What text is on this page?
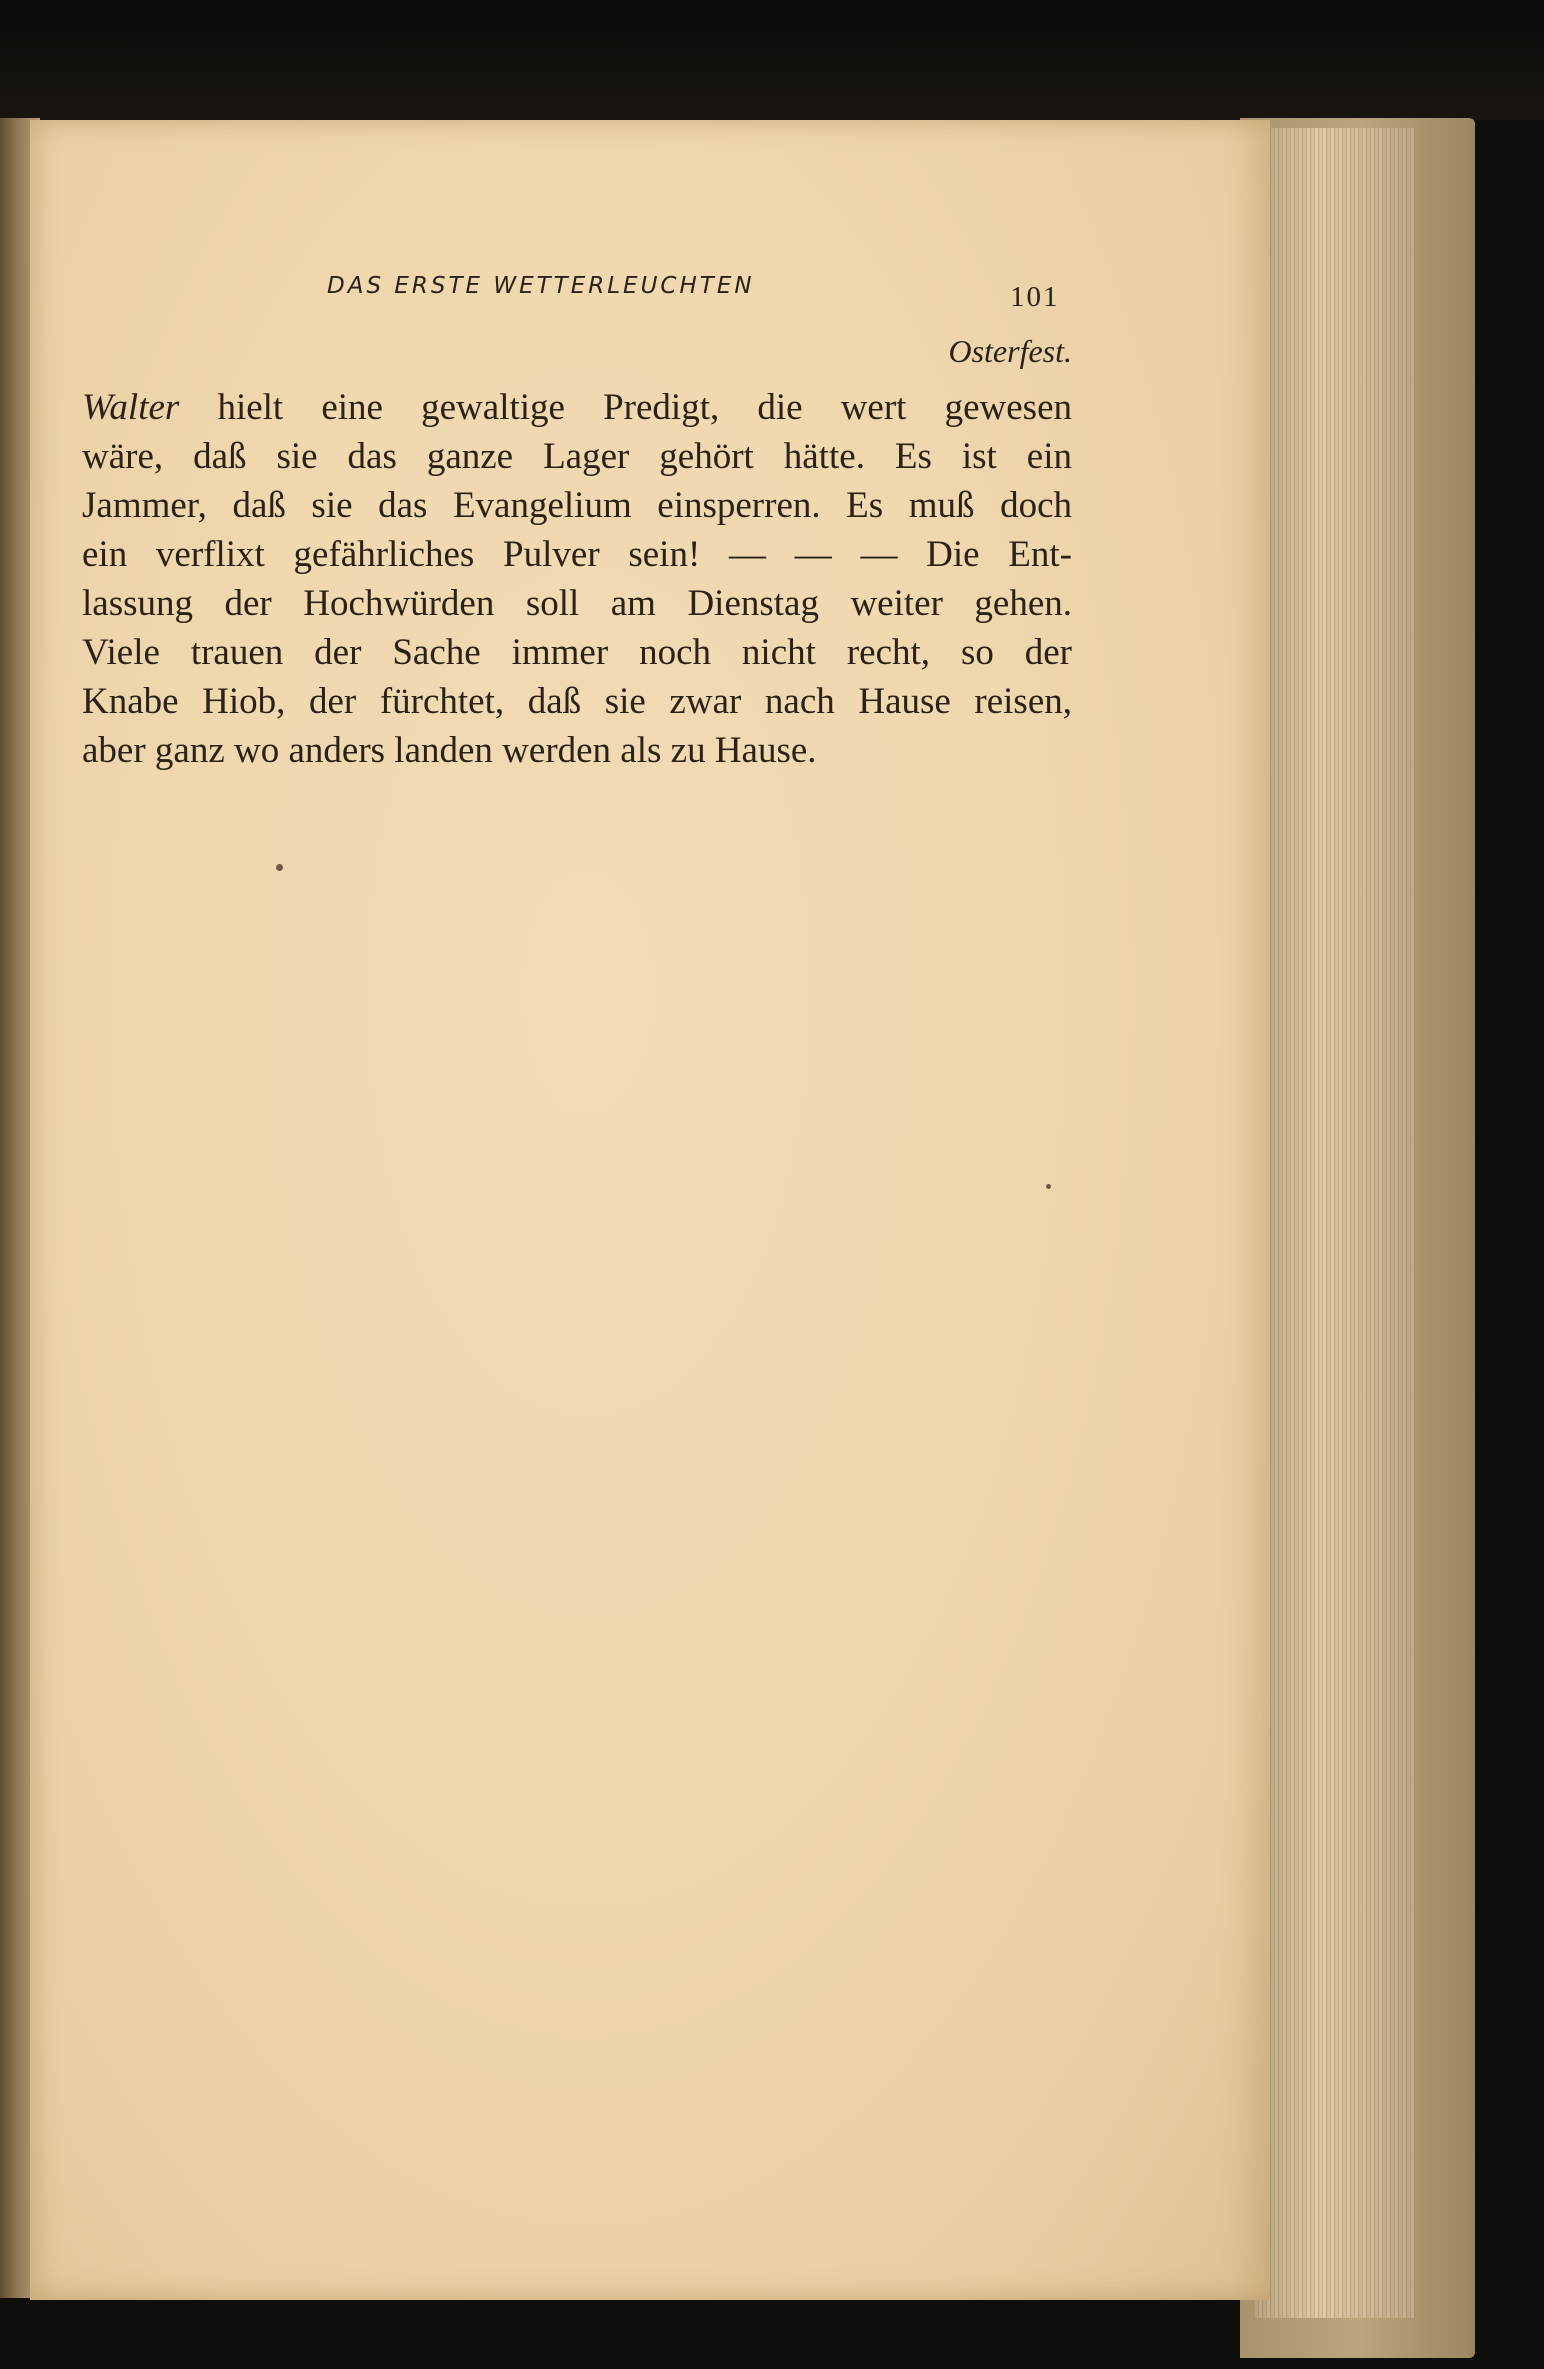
DAS ERSTE WETTERLEUCHTEN	101
Osterfest.
Walter hielt eine gewaltige Predigt, die wert gewesen
wäre, daß sie das ganze Lager gehört hätte. Es ist ein
Jammer, daß sie das Evangelium einsperren. Es muß doch
ein verflixt gefährliches Pulver sein! — — — Die Ent-
lassung der Hochwürden soll am Dienstag weiter gehen.
Viele trauen der Sache immer noch nicht recht, so der
Knabe Hiob, der fürchtet, daß sie zwar nach Hause reisen,
aber ganz wo anders landen werden als zu Hause.
